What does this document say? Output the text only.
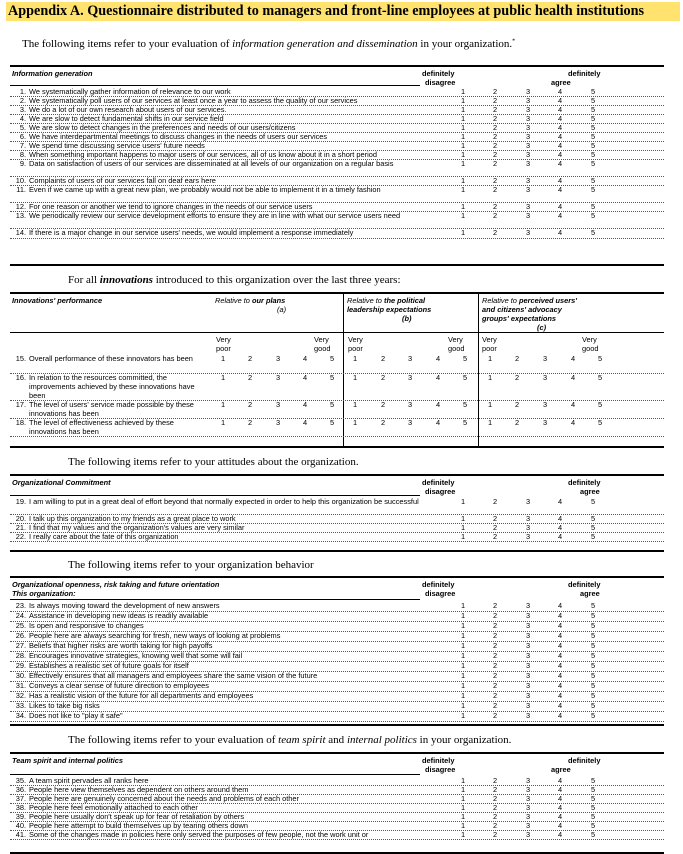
Appendix A. Questionnaire distributed to managers and front-line employees at public health institutions
The following items refer to your evaluation of information generation and dissemination in your organization.*
Information generation	definitely
disagree
definitely
agree
1. We systematically gather information of relevance to our work	1	2	3	4	5
2. We systematically poll users of our services at least once a year to assess the quality of our services	1	2	3	4	5
3. We do a lot of our own research about users of our services.	1	2	3	4	5
4. We are slow to detect fundamental shifts in our service field	1	2	3	4	5
5. We are slow to detect changes in the preferences and needs of our users/citizens	1	2	3	4	5
6. We have interdepartmental meetings to discuss changes in the needs of users our services	1	2	3	4	5
7. We spend time discussing service users' future needs	1	2	3	4	5
8. When something important happens to major users of our services, all of us know about it in a short period	1	2	3	4	5
9. Data on satisfaction of users of our services are disseminated at all levels of our organization on a regular basis	1	2	3	4	5
10. Complaints of users of our services fall on deaf ears here	1	2	3	4	5
11. Even if we came up with a great new plan, we probably would not be able to implement it in a timely fashion	1	2	3	4	5
12. For one reason or another we tend to ignore changes in the needs of our service users	1	2	3	4	5
13. We periodically review our service development efforts to ensure they are in line with what our service users need	1	2	3	4	5
14. If there is a major change in our service users' needs, we would implement a response immediately	1	2	3	4	5
For all innovations introduced to this organization over the last three years:
Innovations' performance	Relative to our plans
(a)
Relative to the political
leadership expectations
(b)
Relative to perceived users'
and citizens' advocacy
groups' expectations
(c)
Very
poor
Very
good
Very
poor
Very
good
Very
poor
Very
good
15. Overall performance of these innovators has been	1	2	3	4	5	1	2	3	4	5	1	2	3	4	5
16. In relation to the resources committed, the improvements achieved by these innovations have been
1	2	3	4	5	1	2	3	4	5	1	2	3	4	5
17. The level of users' service made possible by these innovations has been
1	2	3	4	5	1	2	3	4	5	1	2	3	4	5
18. The level of effectiveness achieved by these innovations has been
1	2	3	4	5	1	2	3	4	5	1	2	3	4	5
The following items refer to your attitudes about the organization.
Organizational Commitment	definitely
disagree
definitely
agree
19. I am willing to put in a great deal of effort beyond that normally expected in order to help this organization be successful	1	2	3	4	5
20. I talk up this organization to my friends as a great place to work	1	2	3	4	5
21. I find that my values and the organization's values are very similar	1	2	3	4	5
22. I really care about the fate of this organization	1	2	3	4	5
The following items refer to your organization behavior
Organizational openness, risk taking and future orientation
This organization:
definitely
disagree
definitely
agree
23. Is always moving toward the development of new answers	1	2	3	4	5
24. Assistance in developing new ideas is readily available	1	2	3	4	5
25. Is open and responsive to changes	1	2	3	4	5
26. People here are always searching for fresh, new ways of looking at problems	1	2	3	4	5
27. Beliefs that higher risks are worth taking for high payoffs	1	2	3	4	5
28. Encourages innovative strategies, knowing well that some will fail	1	2	3	4	5
29. Establishes a realistic set of future goals for itself	1	2	3	4	5
30. Effectively ensures that all managers and employees share the same vision of the future	1	2	3	4	5
31. Conveys a clear sense of future direction to employees	1	2	3	4	5
32. Has a realistic vision of the future for all departments and employees	1	2	3	4	5
33. Likes to take big risks	1	2	3	4	5
34. Does not like to "play it safe"	1	2	3	4	5
The following items refer to your evaluation of team spirit and internal politics in your organization.
Team spirit and internal politics	definitely
disagree
definitely
agree
35. A team spirit pervades all ranks here	1	2	3	4	5
36. People here view themselves as dependent on others around them	1	2	3	4	5
37. People here are genuinely concerned about the needs and problems of each other	1	2	3	4	5
38. People here feel emotionally attached to each other	1	2	3	4	5
39. People here usually don't speak up for fear of retaliation by others	1	2	3	4	5
40. People here attempt to build themselves up by tearing others down	1	2	3	4	5
41. Some of the changes made in policies here only served the purposes of few people, not the work unit or	1	2	3	4	5
